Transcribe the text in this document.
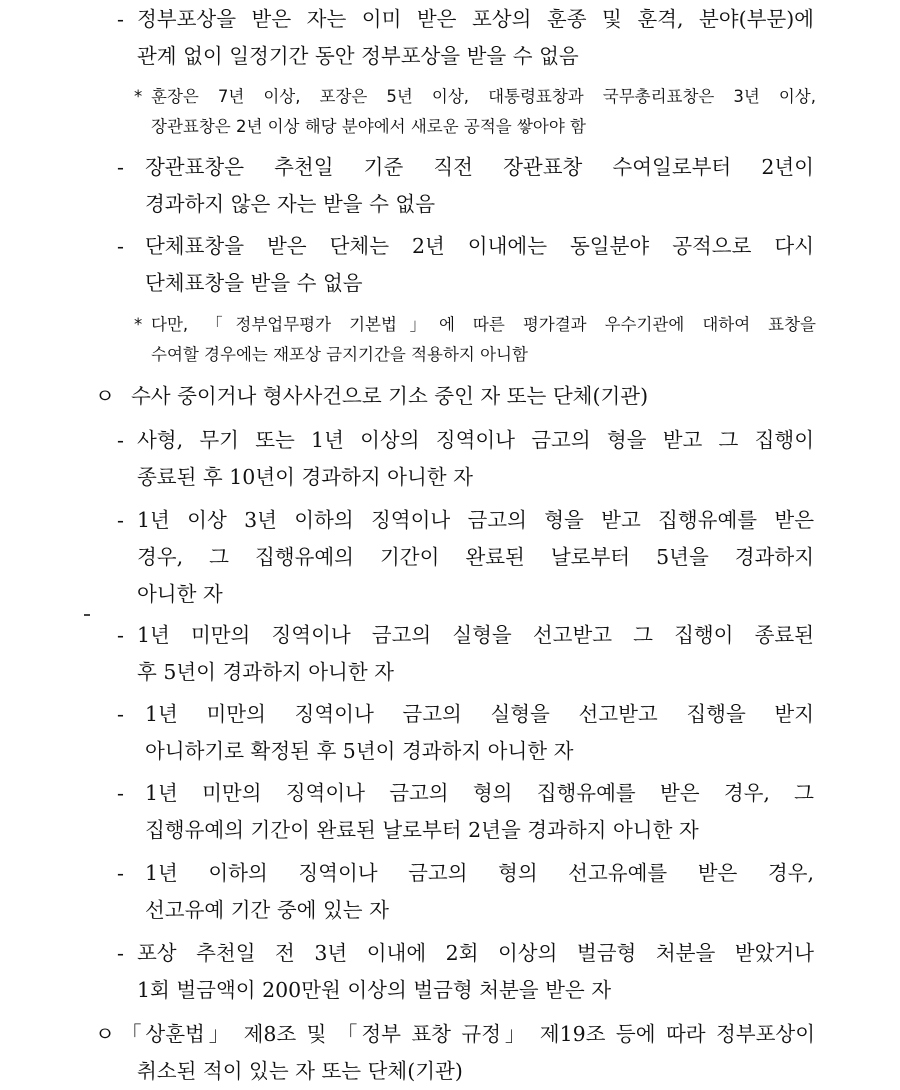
- 정부포상을 받은 자는 이미 받은 포상의 훈종 및 훈격, 분야(부문)에
관계 없이 일정기간 동안 정부포상을 받을 수 없음
* 훈장은 7년 이상, 포장은 5년 이상, 대통령표창과 국무총리표창은 3년 이상,
장관표창은 2년 이상 해당 분야에서 새로운 공적을 쌓아야 함
- 장관표창은 추천일 기준 직전 장관표창 수여일로부터 2년이
경과하지 않은 자는 받을 수 없음
- 단체표창을 받은 단체는 2년 이내에는 동일분야 공적으로 다시
단체표창을 받을 수 없음
* 다만, 「정부업무평가 기본법」에 따른 평가결과 우수기관에 대하여 표창을
수여할 경우에는 재포상 금지기간을 적용하지 아니함
ㅇ 수사 중이거나 형사사건으로 기소 중인 자 또는 단체(기관)
- 사형, 무기 또는 1년 이상의 징역이나 금고의 형을 받고 그 집행이
종료된 후 10년이 경과하지 아니한 자
- 1년 이상 3년 이하의 징역이나 금고의 형을 받고 집행유예를 받은
경우, 그 집행유예의 기간이 완료된 날로부터 5년을 경과하지
아니한 자
- 1년 미만의 징역이나 금고의 실형을 선고받고 그 집행이 종료된
후 5년이 경과하지 아니한 자
- 1년 미만의 징역이나 금고의 실형을 선고받고 집행을 받지
아니하기로 확정된 후 5년이 경과하지 아니한 자
- 1년 미만의 징역이나 금고의 형의 집행유예를 받은 경우, 그
집행유예의 기간이 완료된 날로부터 2년을 경과하지 아니한 자
- 1년 이하의 징역이나 금고의 형의 선고유예를 받은 경우,
선고유예 기간 중에 있는 자
- 포상 추천일 전 3년 이내에 2회 이상의 벌금형 처분을 받았거나
1회 벌금액이 200만원 이상의 벌금형 처분을 받은 자
ㅇ 「상훈법」 제8조 및 「정부 표창 규정」 제19조 등에 따라 정부포상이
취소된 적이 있는 자 또는 단체(기관)
